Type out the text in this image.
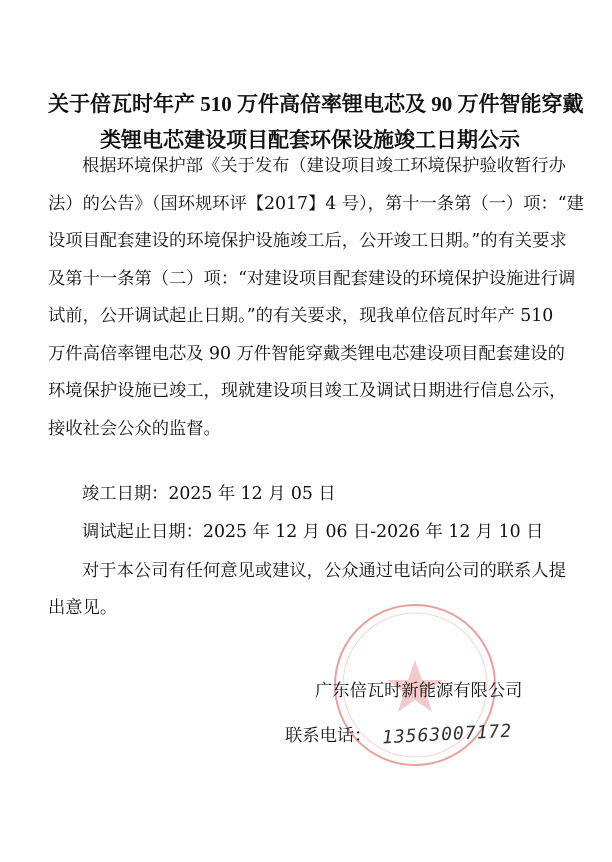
关于倍瓦时年产 510 万件高倍率锂电芯及 90 万件智能穿戴
类锂电芯建设项目配套环保设施竣工日期公示
根据环境保护部《关于发布（建设项目竣工环境保护验收暂行办
法）的公告》（国环规环评【2017】4 号），第十一条第（一）项：“建
设项目配套建设的环境保护设施竣工后，公开竣工日期。”的有关要求
及第十一条第（二）项：“对建设项目配套建设的环境保护设施进行调
试前，公开调试起止日期。”的有关要求，现我单位倍瓦时年产 510
万件高倍率锂电芯及 90 万件智能穿戴类锂电芯建设项目配套建设的
环境保护设施已竣工，现就建设项目竣工及调试日期进行信息公示，
接收社会公众的监督。
竣工日期：2025 年 12 月 05 日
调试起止日期：2025 年 12 月 06 日-2026 年 12 月 10 日
对于本公司有任何意见或建议，公众通过电话向公司的联系人提
出意见。
广东倍瓦时新能源有限公司
联系电话： 13563007172
